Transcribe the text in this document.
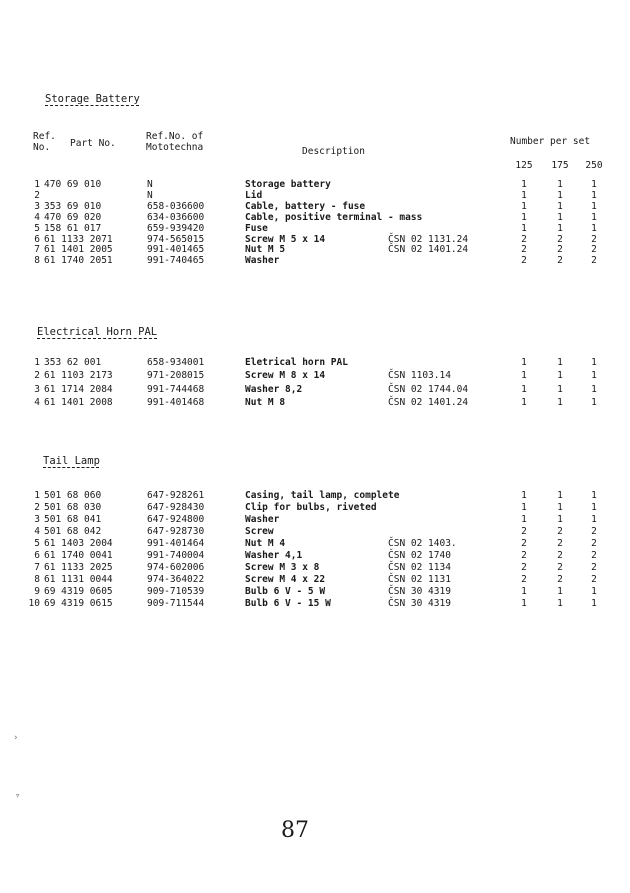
Ref.
No.	Part No.
Ref.No. of
Mototechna	Description
Number per set
125 175 250
Storage Battery
Electrical Horn PAL
Tail Lamp
1 470 69 010	N	Storage battery	1	1	1
2	N	Lid	1	1	1
3 353 69 010	658-036600	Cable, battery - fuse	1	1	1
4 470 69 020	634-036600	Cable, positive terminal - mass	1	1	1
5 158 61 017	659-939420	Fuse	1	1	1
6 61 1133 2071	974-565015	Screw M 5 x 14	ČSN 02 1131.24	2	2	2
7 61 1401 2005	991-401465	Nut M 5	ČSN 02 1401.24	2	2	2
8 61 1740 2051	991-740465	Washer	2	2	2
1 353 62 001	658-934001	Eletrical horn PAL	1	1	1
2 61 1103 2173	971-208015	Screw M 8 x 14	ČSN 1103.14	1	1	1
3 61 1714 2084	991-744468	Washer 8,2	ČSN 02 1744.04	1	1	1
4 61 1401 2008	991-401468	Nut M 8	ČSN 02 1401.24	1	1	1
1 501 68 060	647-928261	Casing, tail lamp, complete	1	1	1
2 501 68 030	647-928430	Clip for bulbs, riveted	1	1	1
3 501 68 041	647-924800	Washer	1	1	1
4 501 68 042	647-928730	Screw	2	2	2
5 61 1403 2004	991-401464	Nut M 4	ČSN 02 1403.	2	2	2
6 61 1740 0041	991-740004	Washer 4,1	ČSN 02 1740	2	2	2
7 61 1133 2025	974-602006	Screw M 3 x 8	ČSN 02 1134	2	2	2
8 61 1131 0044	974-364022	Screw M 4 x 22	ČSN 02 1131	2	2	2
9 69 4319 0605	909-710539	Bulb 6 V - 5 W	ČSN 30 4319	1	1	1
10 69 4319 0615	909-711544	Bulb 6 V - 15 W	ČSN 30 4319	1	1	1
87
›
▿
